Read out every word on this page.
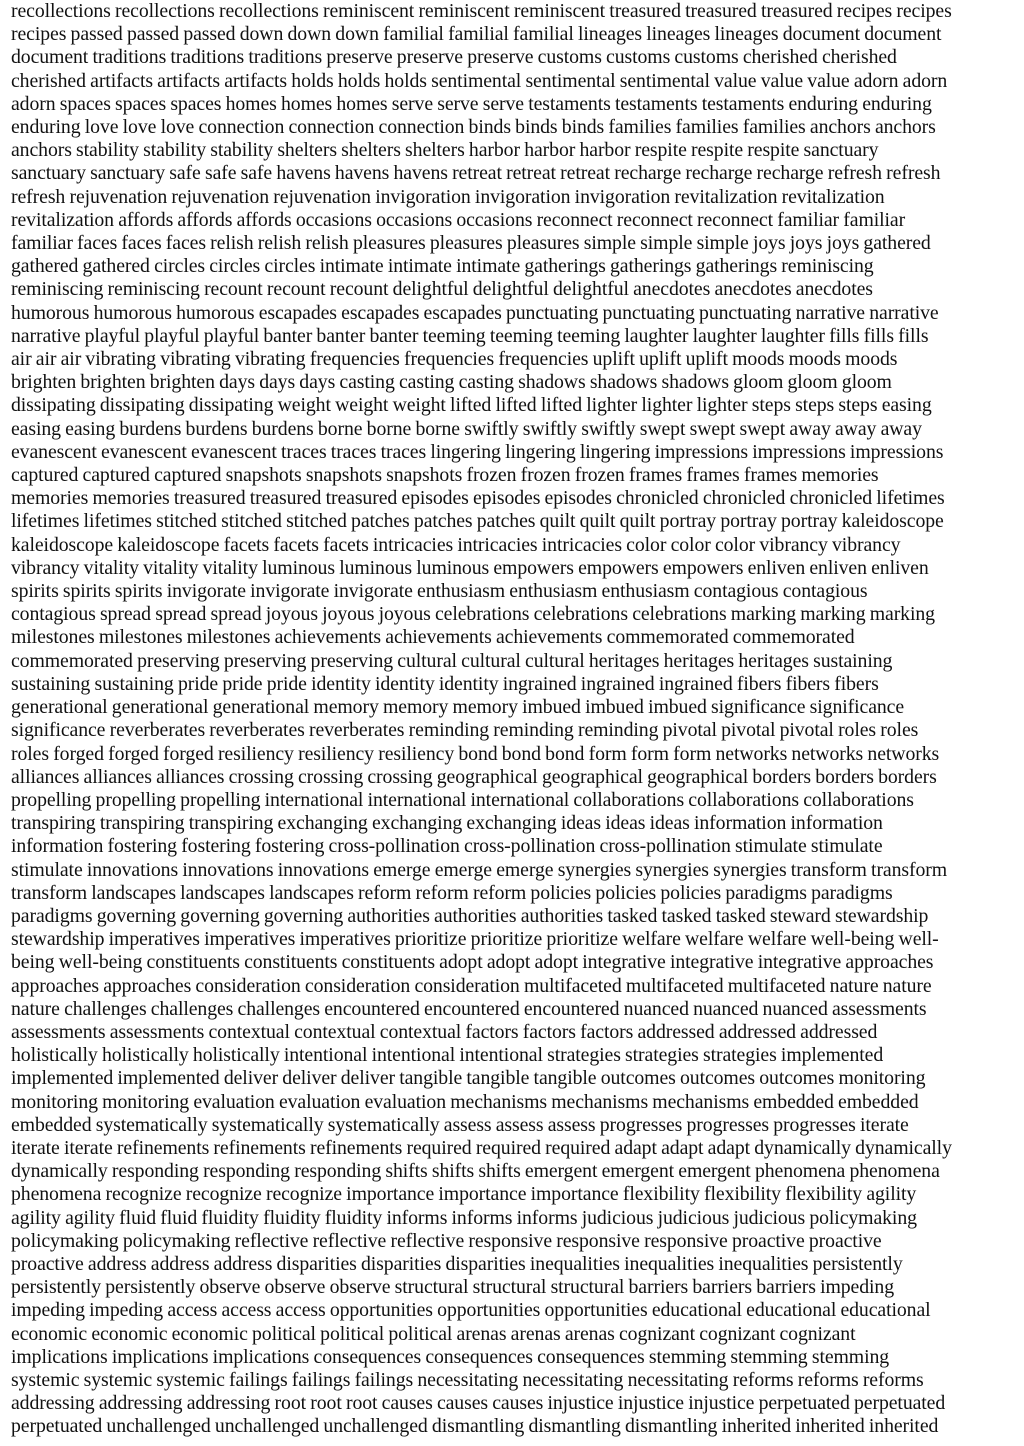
recollections recollections recollections reminiscent reminiscent reminiscent treasured treasured treasured recipes recipes
recipes passed passed passed down down down familial familial familial lineages lineages lineages document document
document traditions traditions traditions preserve preserve preserve customs customs customs cherished cherished
cherished artifacts artifacts artifacts holds holds holds sentimental sentimental sentimental value value value adorn adorn
adorn spaces spaces spaces homes homes homes serve serve serve testaments testaments testaments enduring enduring
enduring love love love connection connection connection binds binds binds families families families anchors anchors
anchors stability stability stability shelters shelters shelters harbor harbor harbor respite respite respite sanctuary
sanctuary sanctuary safe safe safe havens havens havens retreat retreat retreat recharge recharge recharge refresh refresh
refresh rejuvenation rejuvenation rejuvenation invigoration invigoration invigoration revitalization revitalization
revitalization affords affords affords occasions occasions occasions reconnect reconnect reconnect familiar familiar
familiar faces faces faces relish relish relish pleasures pleasures pleasures simple simple simple joys joys joys gathered
gathered gathered circles circles circles intimate intimate intimate gatherings gatherings gatherings reminiscing
reminiscing reminiscing recount recount recount delightful delightful delightful anecdotes anecdotes anecdotes
humorous humorous humorous escapades escapades escapades punctuating punctuating punctuating narrative narrative
narrative playful playful playful banter banter banter teeming teeming teeming laughter laughter laughter fills fills fills
air air air vibrating vibrating vibrating frequencies frequencies frequencies uplift uplift uplift moods moods moods
brighten brighten brighten days days days casting casting casting shadows shadows shadows gloom gloom gloom
dissipating dissipating dissipating weight weight weight lifted lifted lifted lighter lighter lighter steps steps steps easing
easing easing burdens burdens burdens borne borne borne swiftly swiftly swiftly swept swept swept away away away
evanescent evanescent evanescent traces traces traces lingering lingering lingering impressions impressions impressions
captured captured captured snapshots snapshots snapshots frozen frozen frozen frames frames frames memories
memories memories treasured treasured treasured episodes episodes episodes chronicled chronicled chronicled lifetimes
lifetimes lifetimes stitched stitched stitched patches patches patches quilt quilt quilt portray portray portray kaleidoscope
kaleidoscope kaleidoscope facets facets facets intricacies intricacies intricacies color color color vibrancy vibrancy
vibrancy vitality vitality vitality luminous luminous luminous empowers empowers empowers enliven enliven enliven
spirits spirits spirits invigorate invigorate invigorate enthusiasm enthusiasm enthusiasm contagious contagious
contagious spread spread spread joyous joyous joyous celebrations celebrations celebrations marking marking marking
milestones milestones milestones achievements achievements achievements commemorated commemorated
commemorated preserving preserving preserving cultural cultural cultural heritages heritages heritages sustaining
sustaining sustaining pride pride pride identity identity identity ingrained ingrained ingrained fibers fibers fibers
generational generational generational memory memory memory imbued imbued imbued significance significance
significance reverberates reverberates reverberates reminding reminding reminding pivotal pivotal pivotal roles roles
roles forged forged forged resiliency resiliency resiliency bond bond bond form form form networks networks networks
alliances alliances alliances crossing crossing crossing geographical geographical geographical borders borders borders
propelling propelling propelling international international international collaborations collaborations collaborations
transpiring transpiring transpiring exchanging exchanging exchanging ideas ideas ideas information information
information fostering fostering fostering cross-pollination cross-pollination cross-pollination stimulate stimulate
stimulate innovations innovations innovations emerge emerge emerge synergies synergies synergies transform transform
transform landscapes landscapes landscapes reform reform reform policies policies policies paradigms paradigms
paradigms governing governing governing authorities authorities authorities tasked tasked tasked steward stewardship
stewardship imperatives imperatives imperatives prioritize prioritize prioritize welfare welfare welfare well-being well-
being well-being constituents constituents constituents adopt adopt adopt integrative integrative integrative approaches
approaches approaches consideration consideration consideration multifaceted multifaceted multifaceted nature nature
nature challenges challenges challenges encountered encountered encountered nuanced nuanced nuanced assessments
assessments assessments contextual contextual contextual factors factors factors addressed addressed addressed
holistically holistically holistically intentional intentional intentional strategies strategies strategies implemented
implemented implemented deliver deliver deliver tangible tangible tangible outcomes outcomes outcomes monitoring
monitoring monitoring evaluation evaluation evaluation mechanisms mechanisms mechanisms embedded embedded
embedded systematically systematically systematically assess assess assess progresses progresses progresses iterate
iterate iterate refinements refinements refinements required required required adapt adapt adapt dynamically dynamically
dynamically responding responding responding shifts shifts shifts emergent emergent emergent phenomena phenomena
phenomena recognize recognize recognize importance importance importance flexibility flexibility flexibility agility
agility agility fluid fluid fluidity fluidity fluidity informs informs informs judicious judicious judicious policymaking
policymaking policymaking reflective reflective reflective responsive responsive responsive proactive proactive
proactive address address address disparities disparities disparities inequalities inequalities inequalities persistently
persistently persistently observe observe observe structural structural structural barriers barriers barriers impeding
impeding impeding access access access opportunities opportunities opportunities educational educational educational
economic economic economic political political political arenas arenas arenas cognizant cognizant cognizant
implications implications implications consequences consequences consequences stemming stemming stemming
systemic systemic systemic failings failings failings necessitating necessitating necessitating reforms reforms reforms
addressing addressing addressing root root root causes causes causes injustice injustice injustice perpetuated perpetuated
perpetuated unchallenged unchallenged unchallenged dismantling dismantling dismantling inherited inherited inherited
